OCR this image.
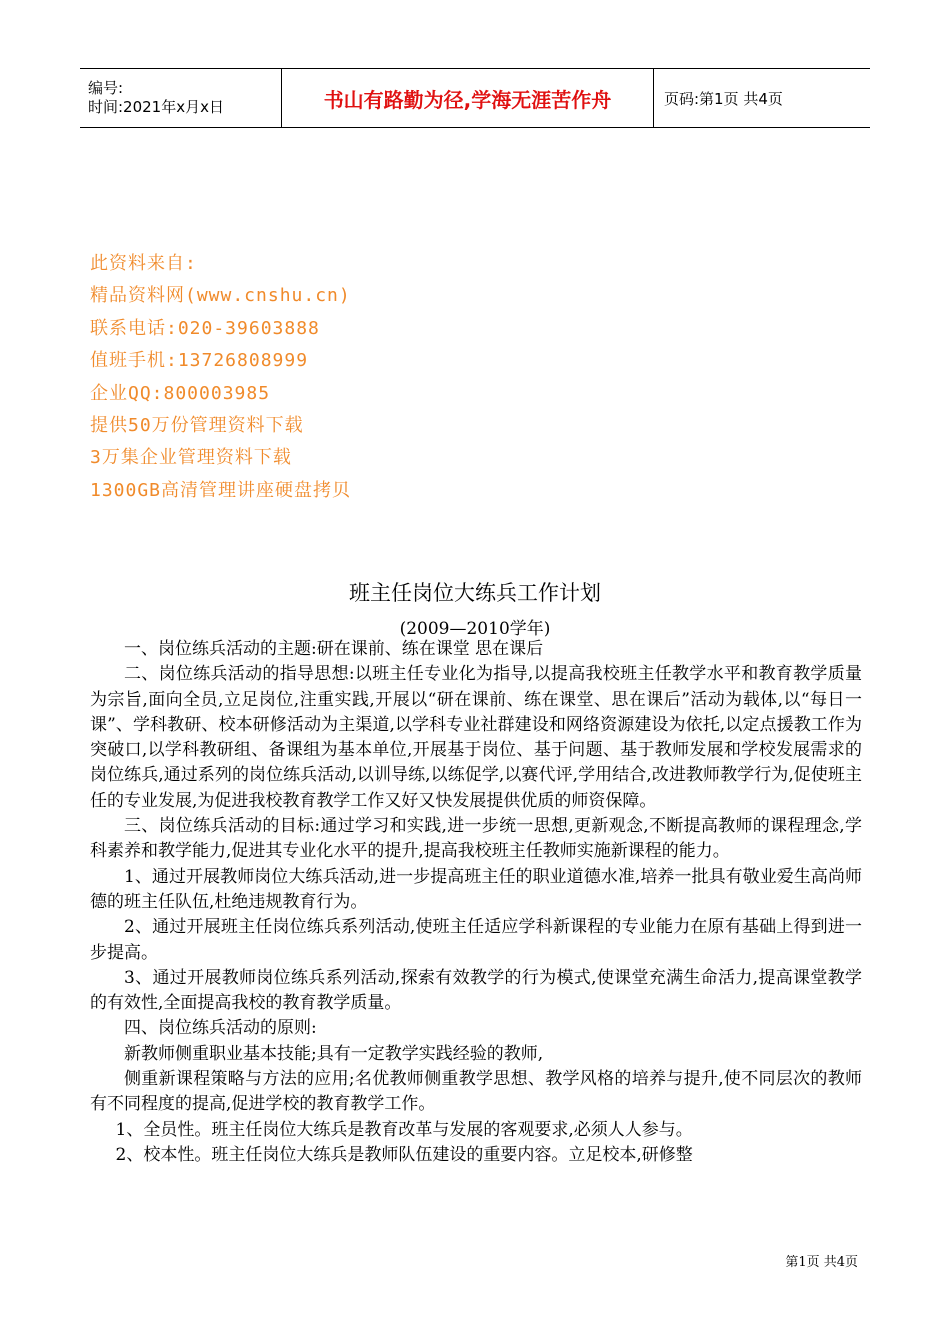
编号:
时间:2021年x月x日	书山有路勤为径,学海无涯苦作舟	页码:第1页 共4页
此资料来自:
精品资料网(www.cnshu.cn)
联系电话:020-39603888
值班手机:13726808999
企业QQ:800003985
提供50万份管理资料下载
3万集企业管理资料下载
1300GB高清管理讲座硬盘拷贝
班主任岗位大练兵工作计划
(2009—2010学年)

一、岗位练兵活动的主题:研在课前、练在课堂 思在课后

二、岗位练兵活动的指导思想:以班主任专业化为指导,以提高我校班主任教学水平和教育教学质量为宗旨,面向全员,立足岗位,注重实践,开展以“研在课前、练在课堂、思在课后”活动为载体,以“每日一课”、学科教研、校本研修活动为主渠道,以学科专业社群建设和网络资源建设为依托,以定点援教工作为突破口,以学科教研组、备课组为基本单位,开展基于岗位、基于问题、基于教师发展和学校发展需求的岗位练兵,通过系列的岗位练兵活动,以训导练,以练促学,以赛代评,学用结合,改进教师教学行为,促使班主任的专业发展,为促进我校教育教学工作又好又快发展提供优质的师资保障。

三、岗位练兵活动的目标:通过学习和实践,进一步统一思想,更新观念,不断提高教师的课程理念,学科素养和教学能力,促进其专业化水平的提升,提高我校班主任教师实施新课程的能力。

1、通过开展教师岗位大练兵活动,进一步提高班主任的职业道德水准,培养一批具有敬业爱生高尚师德的班主任队伍,杜绝违规教育行为。

2、通过开展班主任岗位练兵系列活动,使班主任适应学科新课程的专业能力在原有基础上得到进一步提高。

3、通过开展教师岗位练兵系列活动,探索有效教学的行为模式,使课堂充满生命活力,提高课堂教学的有效性,全面提高我校的教育教学质量。

四、岗位练兵活动的原则:

新教师侧重职业基本技能;具有一定教学实践经验的教师,

侧重新课程策略与方法的应用;名优教师侧重教学思想、教学风格的培养与提升,使不同层次的教师有不同程度的提高,促进学校的教育教学工作。

1、全员性。班主任岗位大练兵是教育改革与发展的客观要求,必须人人参与。

2、校本性。班主任岗位大练兵是教师队伍建设的重要内容。立足校本,研修整

第1页 共4页
